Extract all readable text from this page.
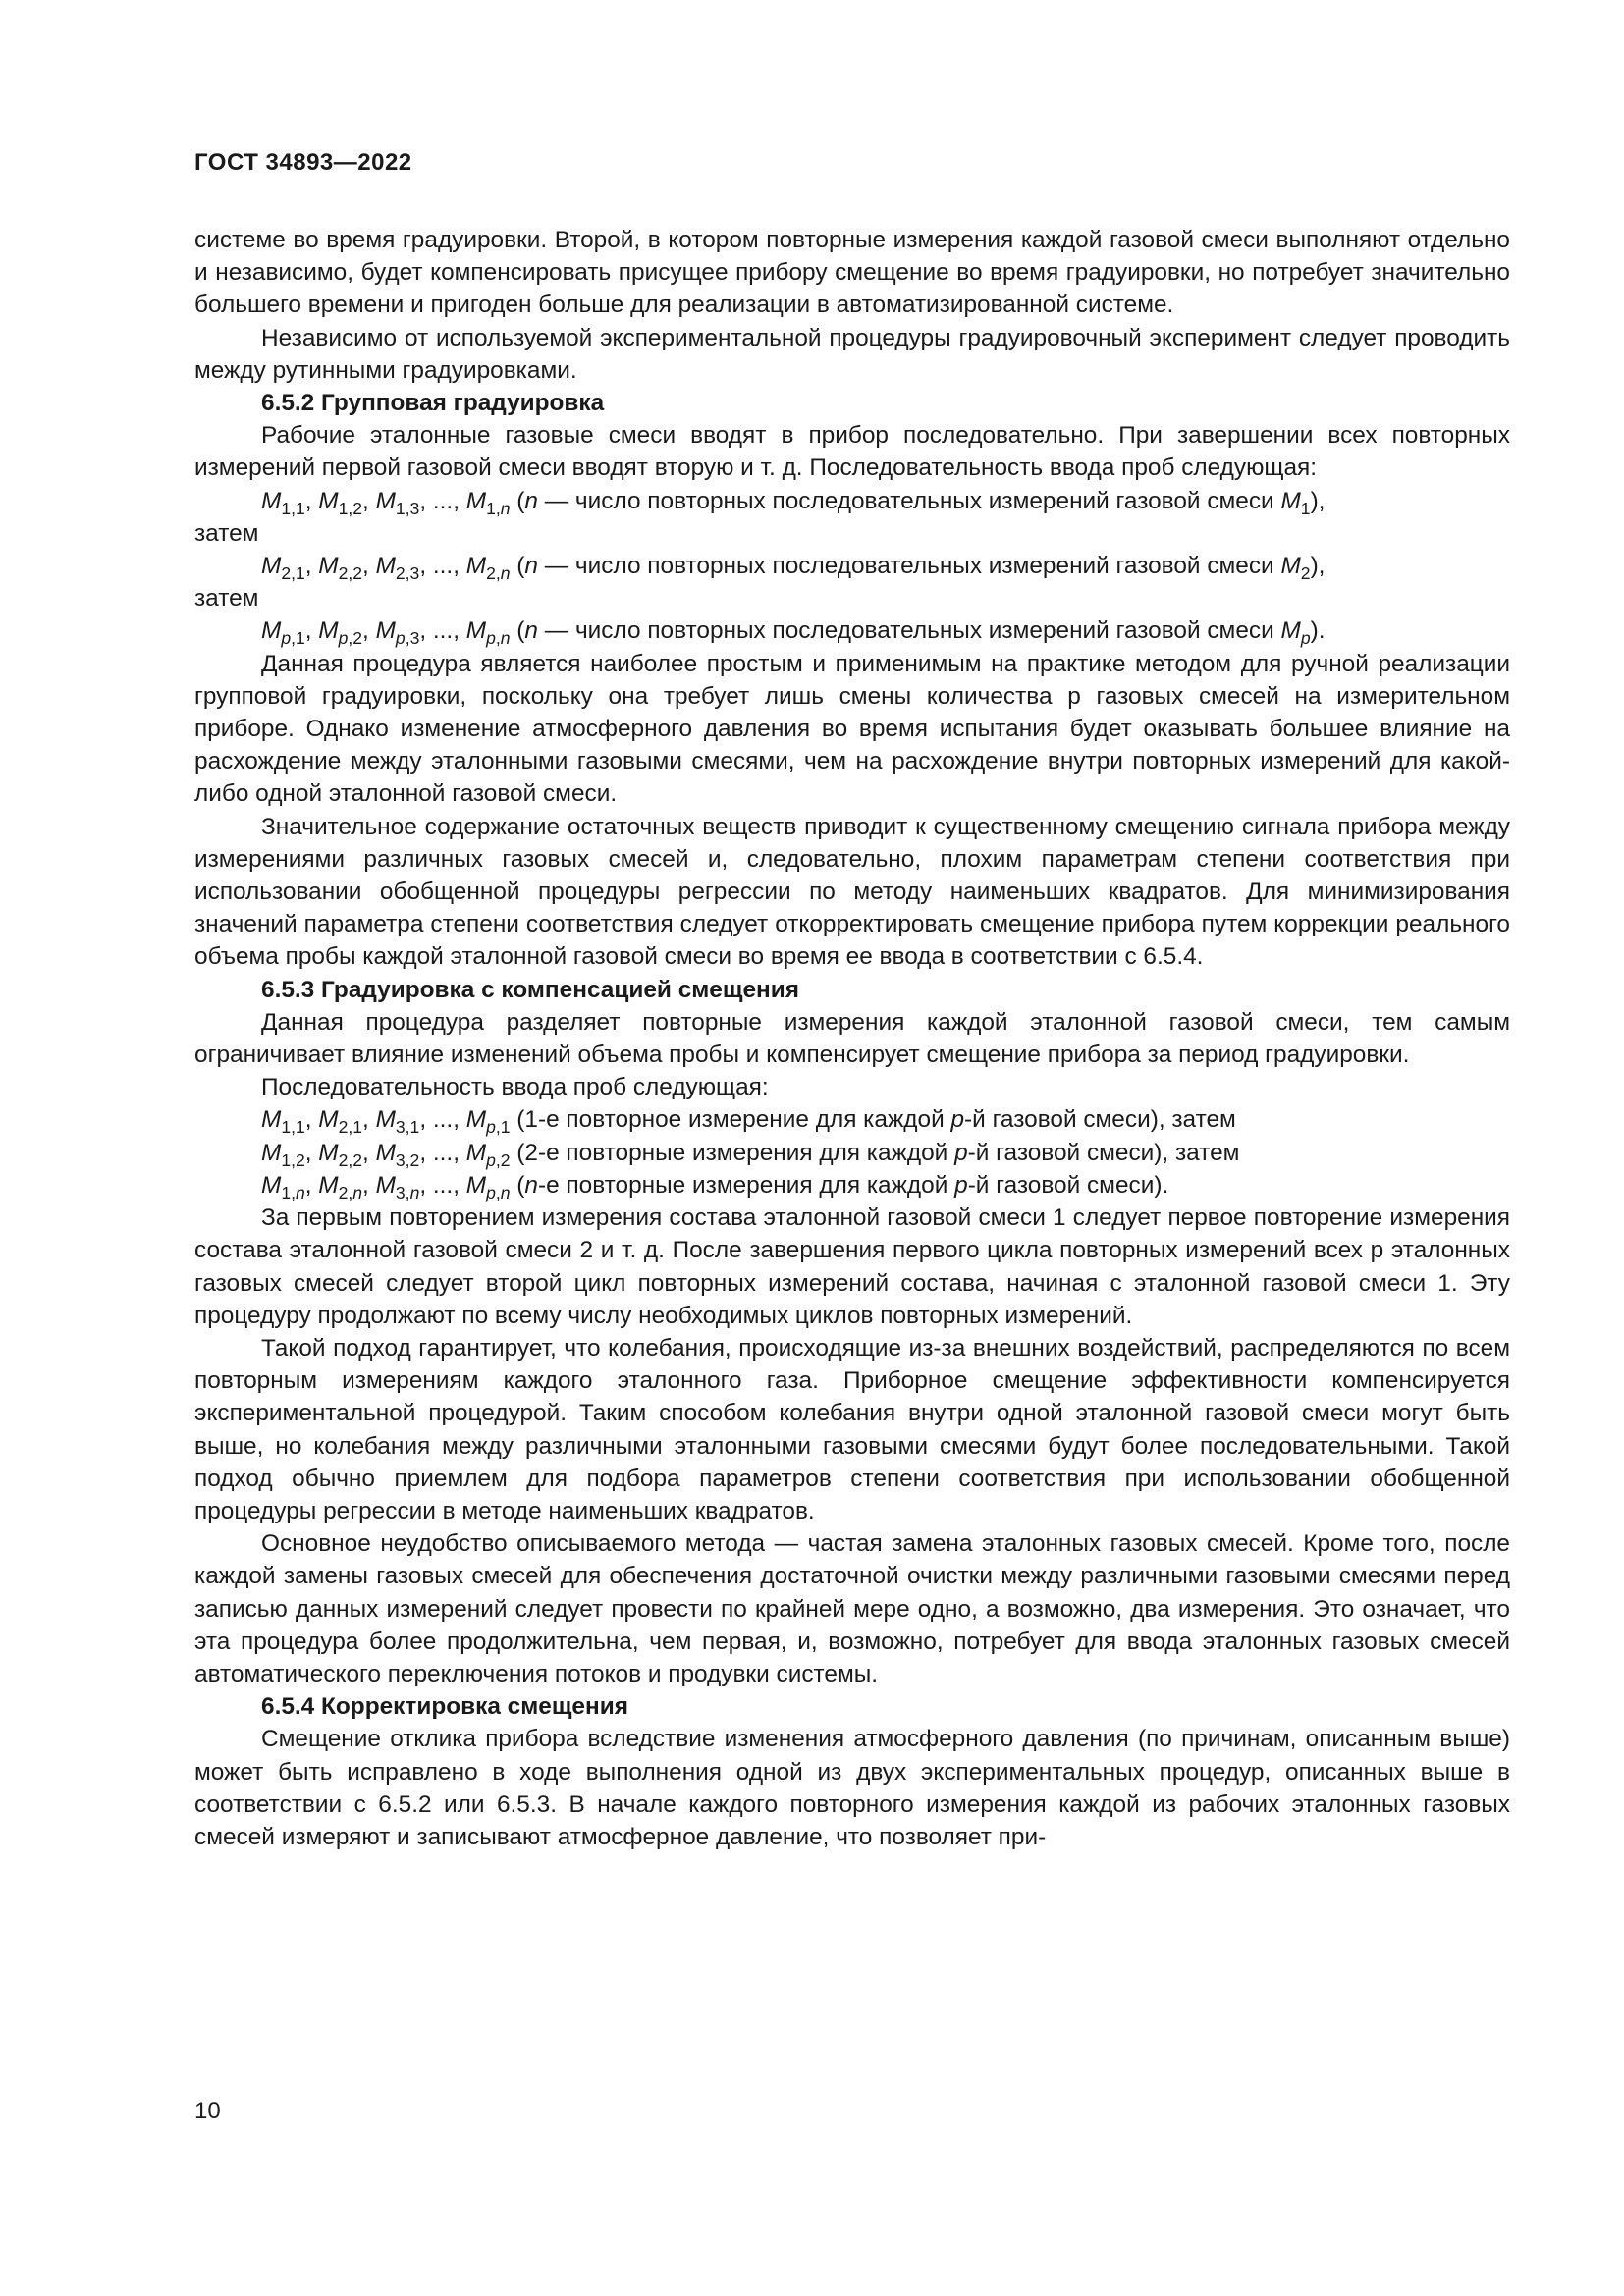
ГОСТ 34893—2022

системе во время градуировки. Второй, в котором повторные измерения каждой газовой смеси выполняют отдельно и независимо, будет компенсировать присущее прибору смещение во время градуировки, но потребует значительно большего времени и пригоден больше для реализации в автоматизированной системе.

Независимо от используемой экспериментальной процедуры градуировочный эксперимент следует проводить между рутинными градуировками.

6.5.2 Групповая градуировка

Рабочие эталонные газовые смеси вводят в прибор последовательно. При завершении всех повторных измерений первой газовой смеси вводят вторую и т. д. Последовательность ввода проб следующая:

$M_{1,1}$, $M_{1,2}$, $M_{1,3}$, ..., $M_{1,n}$ (n — число повторных последовательных измерений газовой смеси $M_1$),

затем

$M_{2,1}$, $M_{2,2}$, $M_{2,3}$, ..., $M_{2,n}$ (n — число повторных последовательных измерений газовой смеси $M_2$),

затем

$M_{p,1}$, $M_{p,2}$, $M_{p,3}$, ..., $M_{p,n}$ (n — число повторных последовательных измерений газовой смеси $M_p$).

Данная процедура является наиболее простым и применимым на практике методом для ручной реализации групповой градуировки, поскольку она требует лишь смены количества p газовых смесей на измерительном приборе. Однако изменение атмосферного давления во время испытания будет оказывать большее влияние на расхождение между эталонными газовыми смесями, чем на расхождение внутри повторных измерений для какой-либо одной эталонной газовой смеси.

Значительное содержание остаточных веществ приводит к существенному смещению сигнала прибора между измерениями различных газовых смесей и, следовательно, плохим параметрам степени соответствия при использовании обобщенной процедуры регрессии по методу наименьших квадратов. Для минимизирования значений параметра степени соответствия следует откорректировать смещение прибора путем коррекции реального объема пробы каждой эталонной газовой смеси во время ее ввода в соответствии с 6.5.4.

6.5.3 Градуировка с компенсацией смещения

Данная процедура разделяет повторные измерения каждой эталонной газовой смеси, тем самым ограничивает влияние изменений объема пробы и компенсирует смещение прибора за период градуировки.

Последовательность ввода проб следующая:

$M_{1,1}$, $M_{2,1}$, $M_{3,1}$, ..., $M_{p,1}$ (1-е повторное измерение для каждой p-й газовой смеси), затем

$M_{1,2}$, $M_{2,2}$, $M_{3,2}$, ..., $M_{p,2}$ (2-е повторные измерения для каждой p-й газовой смеси), затем

$M_{1,n}$, $M_{2,n}$, $M_{3,n}$, ..., $M_{p,n}$ (n-е повторные измерения для каждой p-й газовой смеси).

За первым повторением измерения состава эталонной газовой смеси 1 следует первое повторение измерения состава эталонной газовой смеси 2 и т. д. После завершения первого цикла повторных измерений всех p эталонных газовых смесей следует второй цикл повторных измерений состава, начиная с эталонной газовой смеси 1. Эту процедуру продолжают по всему числу необходимых циклов повторных измерений.

Такой подход гарантирует, что колебания, происходящие из-за внешних воздействий, распределяются по всем повторным измерениям каждого эталонного газа. Приборное смещение эффективности компенсируется экспериментальной процедурой. Таким способом колебания внутри одной эталонной газовой смеси могут быть выше, но колебания между различными эталонными газовыми смесями будут более последовательными. Такой подход обычно приемлем для подбора параметров степени соответствия при использовании обобщенной процедуры регрессии в методе наименьших квадратов.

Основное неудобство описываемого метода — частая замена эталонных газовых смесей. Кроме того, после каждой замены газовых смесей для обеспечения достаточной очистки между различными газовыми смесями перед записью данных измерений следует провести по крайней мере одно, а возможно, два измерения. Это означает, что эта процедура более продолжительна, чем первая, и, возможно, потребует для ввода эталонных газовых смесей автоматического переключения потоков и продувки системы.

6.5.4 Корректировка смещения

Смещение отклика прибора вследствие изменения атмосферного давления (по причинам, описанным выше) может быть исправлено в ходе выполнения одной из двух экспериментальных процедур, описанных выше в соответствии с 6.5.2 или 6.5.3. В начале каждого повторного измерения каждой из рабочих эталонных газовых смесей измеряют и записывают атмосферное давление, что позволяет при-

10
